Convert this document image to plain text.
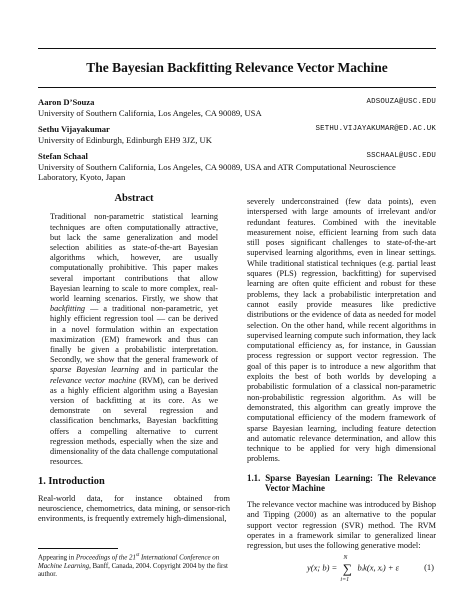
The Bayesian Backfitting Relevance Vector Machine
Aaron D’Souza	ADSOUZA@USC.EDU
University of Southern California, Los Angeles, CA 90089, USA
Sethu Vijayakumar	SETHU.VIJAYAKUMAR@ED.AC.UK
University of Edinburgh, Edinburgh EH9 3JZ, UK
Stefan Schaal	SSCHAAL@USC.EDU
University of Southern California, Los Angeles, CA 90089, USA and ATR Computational Neuroscience Laboratory, Kyoto, Japan
Abstract
Traditional non-parametric statistical learning techniques are often computationally attractive, but lack the same generalization and model selection abilities as state-of-the-art Bayesian algorithms which, however, are usually computationally prohibitive. This paper makes several important contributions that allow Bayesian learning to scale to more complex, real-world learning scenarios. Firstly, we show that backfitting — a traditional non-parametric, yet highly efficient regression tool — can be derived in a novel formulation within an expectation maximization (EM) framework and thus can finally be given a probabilistic interpretation. Secondly, we show that the general framework of sparse Bayesian learning and in particular the relevance vector machine (RVM), can be derived as a highly efficient algorithm using a Bayesian version of backfitting at its core. As we demonstrate on several regression and classification benchmarks, Bayesian backfitting offers a compelling alternative to current regression methods, especially when the size and dimensionality of the data challenge computational resources.
1. Introduction
Real-world data, for instance obtained from neuroscience, chemometrics, data mining, or sensor-rich environments, is frequently extremely high-dimensional,
Appearing in Proceedings of the 21st International Conference on Machine Learning, Banff, Canada, 2004. Copyright 2004 by the first author.
severely underconstrained (few data points), even interspersed with large amounts of irrelevant and/or redundant features. Combined with the inevitable measurement noise, efficient learning from such data still poses significant challenges to state-of-the-art supervised learning algorithms, even in linear settings. While traditional statistical techniques (e.g. partial least squares (PLS) regression, backfitting) for supervised learning are often quite efficient and robust for these problems, they lack a probabilistic interpretation and cannot easily provide measures like predictive distributions or the evidence of data as needed for model selection. On the other hand, while recent algorithms in supervised learning compute such information, they lack computational efficiency as, for instance, in Gaussian process regression or support vector regression. The goal of this paper is to introduce a new algorithm that exploits the best of both worlds by developing a probabilistic formulation of a classical non-parametric non-probabilistic regression algorithm. As will be demonstrated, this algorithm can greatly improve the computational efficiency of the modern framework of sparse Bayesian learning, including feature detection and automatic relevance determination, and allow this technique to be applied for very high dimensional problems.
1.1. Sparse Bayesian Learning: The Relevance Vector Machine
The relevance vector machine was introduced by Bishop and Tipping (2000) as an alternative to the popular support vector regression (SVR) method. The RVM operates in a framework similar to generalized linear regression, but uses the following generative model:
y(x; b) =
N
∑
i=1
bᵢk(x, xᵢ) + ε	(1)
